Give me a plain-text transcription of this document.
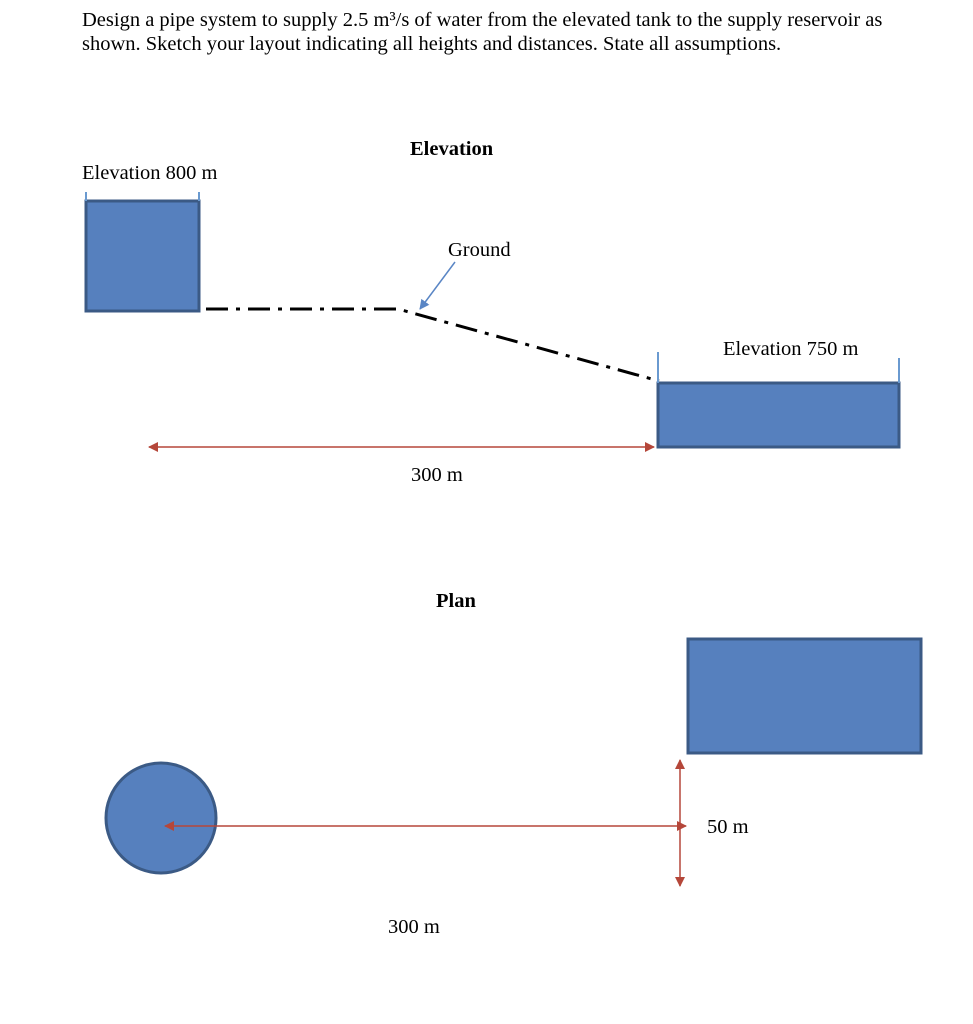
Design a pipe system to supply 2.5 m³/s of water from the elevated tank to the supply reservoir as shown. Sketch your layout indicating all heights and distances. State all assumptions.

Elevation
Elevation 800 m
Ground
Elevation 750 m
300 m
Plan
50 m
300 m
